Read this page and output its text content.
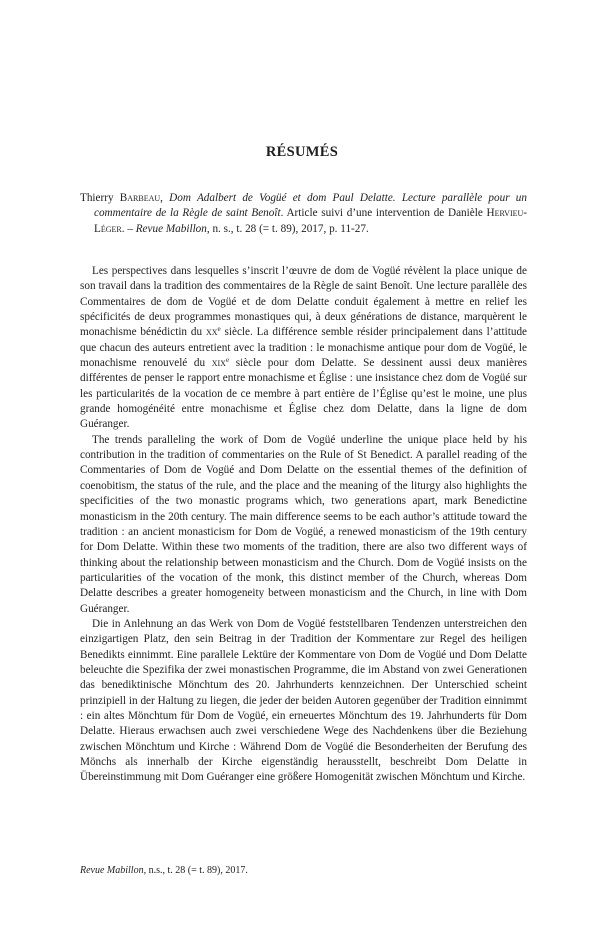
RÉSUMÉS

Thierry Barbeau, Dom Adalbert de Vogüé et dom Paul Delatte. Lecture parallèle pour un commentaire de la Règle de saint Benoît. Article suivi d’une intervention de Danièle Hervieu-Léger. – Revue Mabillon, n. s., t. 28 (= t. 89), 2017, p. 11-27.

Les perspectives dans lesquelles s’inscrit l’œuvre de dom de Vogüé révèlent la place unique de son travail dans la tradition des commentaires de la Règle de saint Benoît. Une lecture parallèle des Commentaires de dom de Vogüé et de dom Delatte conduit également à mettre en relief les spécificités de deux programmes monastiques qui, à deux générations de distance, marquèrent le monachisme bénédictin du $xx^e$ siècle. La différence semble résider principalement dans l’attitude que chacun des auteurs entretient avec la tradition : le monachisme antique pour dom de Vogüé, le monachisme renouvelé du xix$^e$ siècle pour dom Delatte. Se dessinent aussi deux manières différentes de penser le rapport entre monachisme et Église : une insistance chez dom de Vogüé sur les particularités de la vocation de ce membre à part entière de l’Église qu’est le moine, une plus grande homogénéité entre monachisme et Église chez dom Delatte, dans la ligne de dom Guéranger.

The trends paralleling the work of Dom de Vogüé underline the unique place held by his contribution in the tradition of commentaries on the Rule of St Benedict. A parallel reading of the Commentaries of Dom de Vogüé and Dom Delatte on the essential themes of the definition of coenobitism, the status of the rule, and the place and the meaning of the liturgy also highlights the specificities of the two monastic programs which, two generations apart, mark Benedictine monasticism in the 20th century. The main difference seems to be each author’s attitude toward the tradition : an ancient monasticism for Dom de Vogüé, a renewed monasticism of the 19th century for Dom Delatte. Within these two moments of the tradition, there are also two different ways of thinking about the relationship between monasticism and the Church. Dom de Vogüé insists on the particularities of the vocation of the monk, this distinct member of the Church, whereas Dom Delatte describes a greater homogeneity between monasticism and the Church, in line with Dom Guéranger.

Die in Anlehnung an das Werk von Dom de Vogüé feststellbaren Tendenzen unterstreichen den einzigartigen Platz, den sein Beitrag in der Tradition der Kommentare zur Regel des heiligen Benedikts einnimmt. Eine parallele Lektüre der Kommentare von Dom de Vogüé und Dom Delatte beleuchte die Spezifika der zwei monastischen Programme, die im Abstand von zwei Generationen das benediktinische Mönchtum des 20. Jahrhunderts kennzeichnen. Der Unterschied scheint prinzipiell in der Haltung zu liegen, die jeder der beiden Autoren gegenüber der Tradition einnimmt : ein altes Mönchtum für Dom de Vogüé, ein erneuertes Mönchtum des 19. Jahrhunderts für Dom Delatte. Hieraus erwachsen auch zwei verschiedene Wege des Nachdenkens über die Beziehung zwischen Mönchtum und Kirche : Während Dom de Vogüé die Besonderheiten der Berufung des Mönchs als innerhalb der Kirche eigenständig herausstellt, beschreibt Dom Delatte in Übereinstimmung mit Dom Guéranger eine größere Homogenität zwischen Mönchtum und Kirche.

Revue Mabillon, n.s., t. 28 (= t. 89), 2017.
